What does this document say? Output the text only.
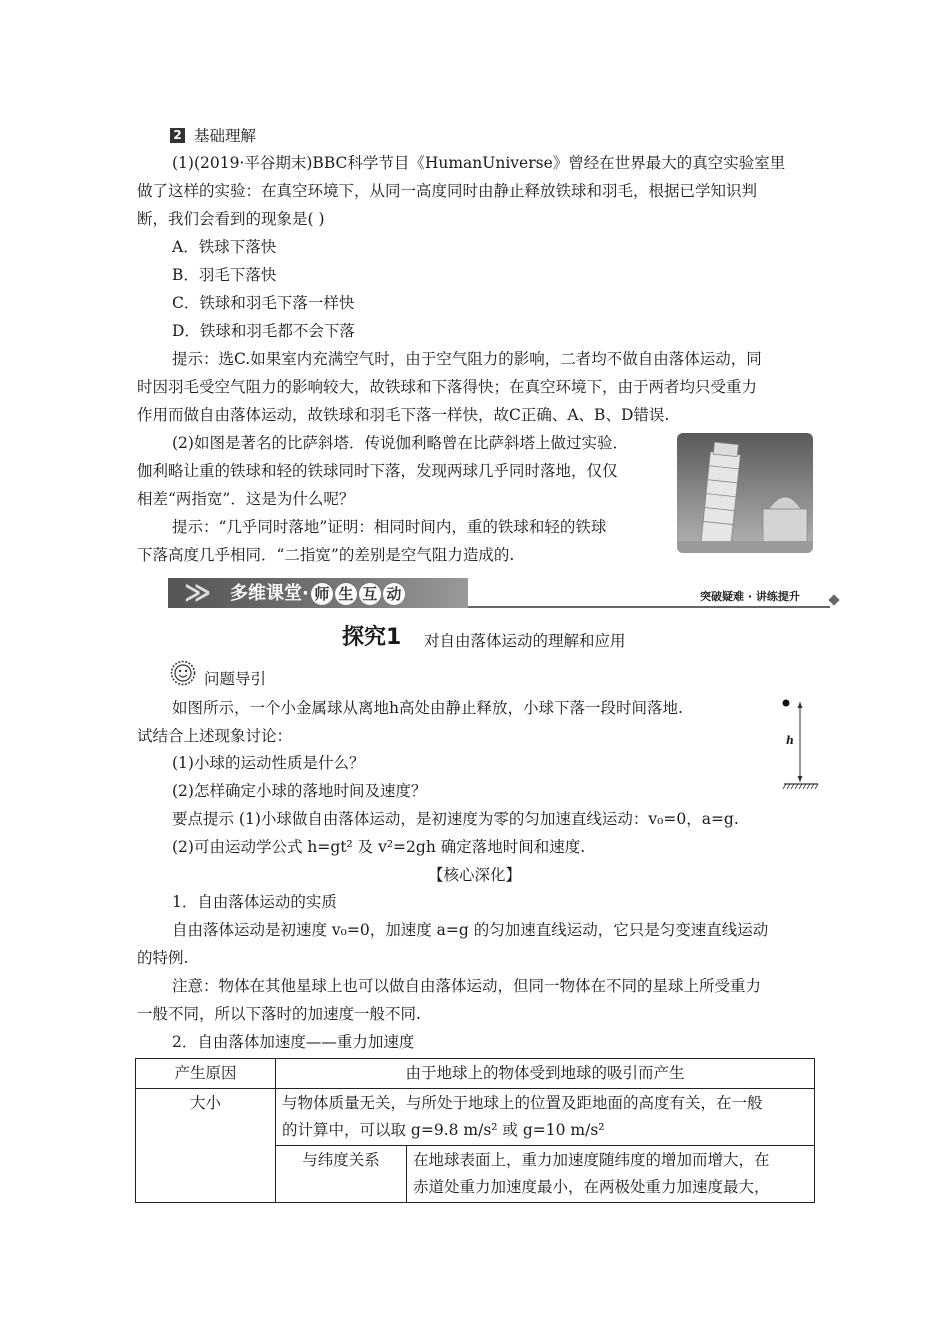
2 基础理解
(1)(2019·平谷期末)BBC科学节目《HumanUniverse》曾经在世界最大的真空实验室里
做了这样的实验：在真空环境下，从同一高度同时由静止释放铁球和羽毛，根据已学知识判
断，我们会看到的现象是( )
A．铁球下落快
B．羽毛下落快
C．铁球和羽毛下落一样快
D．铁球和羽毛都不会下落
提示：选C.如果室内充满空气时，由于空气阻力的影响，二者均不做自由落体运动，同
时因羽毛受空气阻力的影响较大，故铁球和下落得快；在真空环境下，由于两者均只受重力
作用而做自由落体运动，故铁球和羽毛下落一样快，故C正确、A、B、D错误.
(2)如图是著名的比萨斜塔．传说伽利略曾在比萨斜塔上做过实验．
伽利略让重的铁球和轻的铁球同时下落，发现两球几乎同时落地，仅仅
相差“两指宽”．这是为什么呢？
提示：“几乎同时落地”证明：相同时间内，重的铁球和轻的铁球
下落高度几乎相同．“二指宽”的差别是空气阻力造成的.
≫ 多维课堂· 师 生 互 动	突破疑难 · 讲练提升
探究1 对自由落体运动的理解和应用
问题导引
如图所示，一个小金属球从离地h高处由静止释放，小球下落一段时间落地.
试结合上述现象讨论：
(1)小球的运动性质是什么？
(2)怎样确定小球的落地时间及速度？
要点提示 (1)小球做自由落体运动，是初速度为零的匀加速直线运动：v₀=0，a=g.
(2)可由运动学公式 h=gt² 及 v²=2gh 确定落地时间和速度.
h
【核心深化】
1．自由落体运动的实质
自由落体运动是初速度 v₀=0，加速度 a=g 的匀加速直线运动，它只是匀变速直线运动
的特例.
注意：物体在其他星球上也可以做自由落体运动，但同一物体在不同的星球上所受重力
一般不同，所以下落时的加速度一般不同.
2．自由落体加速度——重力加速度
产生原因	由于地球上的物体受到地球的吸引而产生	
大小	与物体质量无关，与所处于地球上的位置及距地面的高度有关，在一般
的计算中，可以取 g=9.8 m/s² 或 g=10 m/s²	

	与纬度关系	在地球表面上，重力加速度随纬度的增加而增大，在
赤道处重力加速度最小，在两极处重力加速度最大，
